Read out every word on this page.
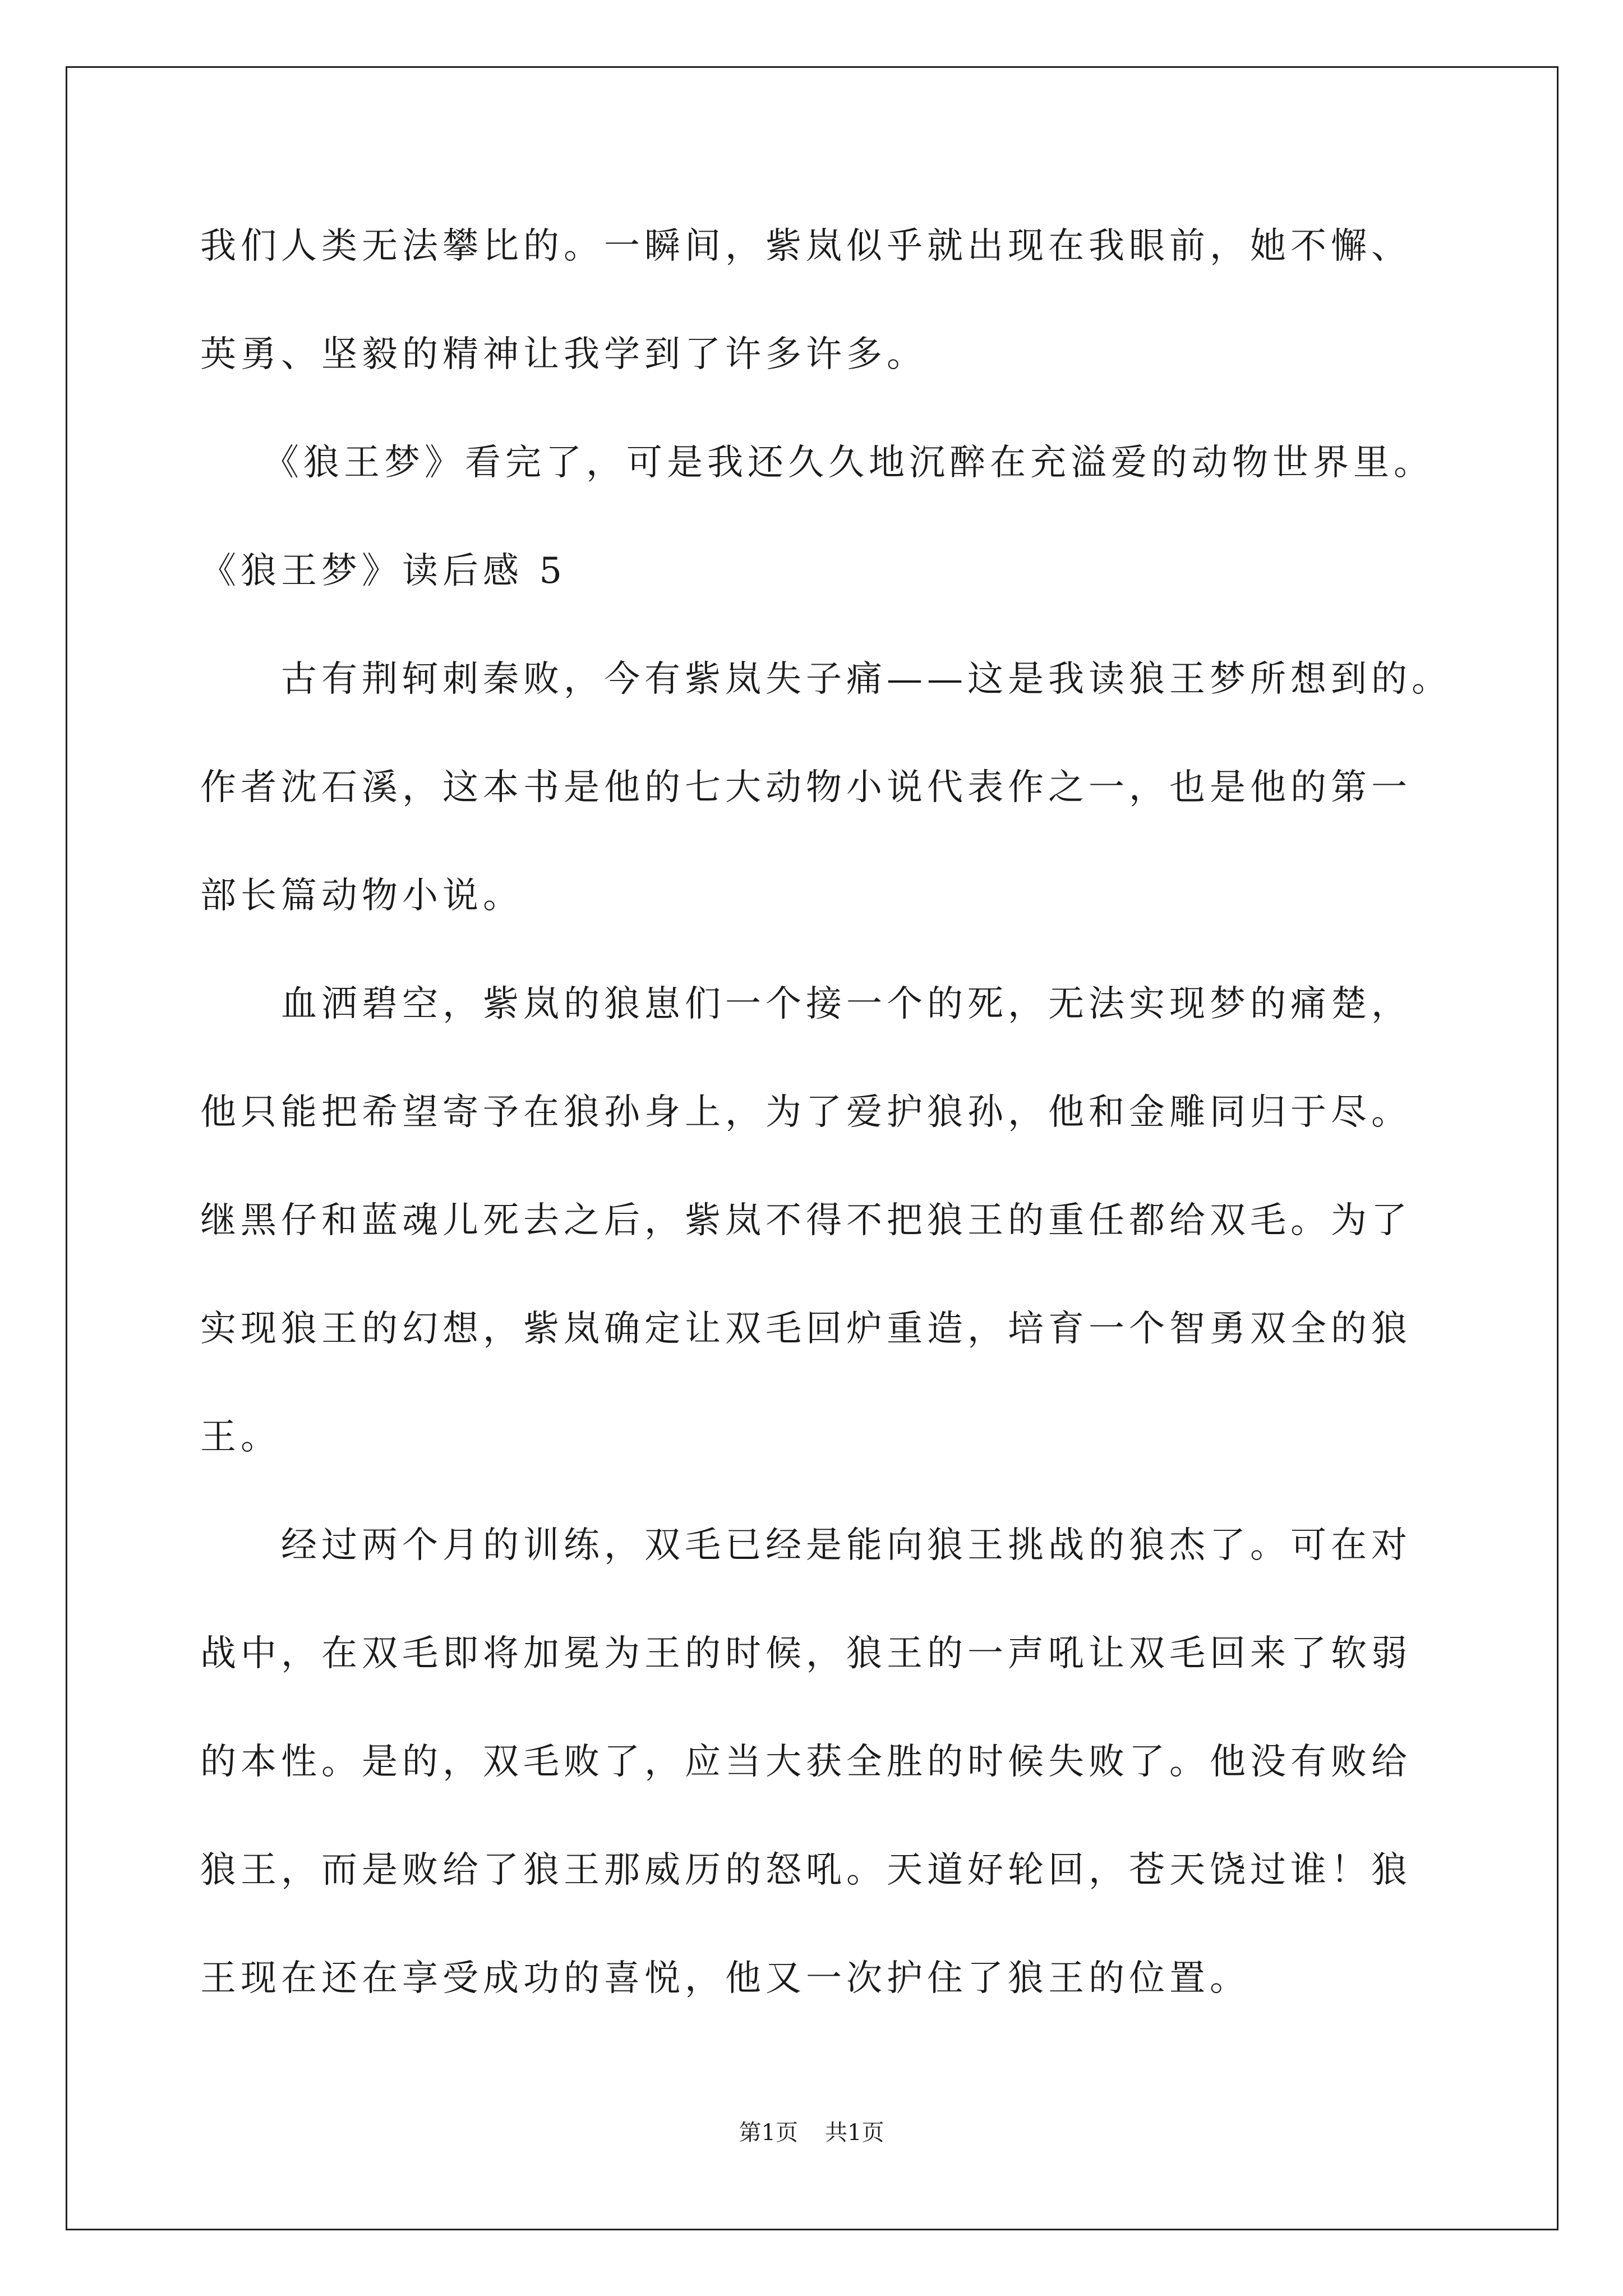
我们人类无法攀比的。一瞬间，紫岚似乎就出现在我眼前，她不懈、
英勇、坚毅的精神让我学到了许多许多。
　　《狼王梦》看完了，可是我还久久地沉醉在充溢爱的动物世界里。
《狼王梦》读后感 5
　　古有荆轲刺秦败，今有紫岚失子痛——这是我读狼王梦所想到的。
作者沈石溪，这本书是他的七大动物小说代表作之一，也是他的第一
部长篇动物小说。
　　血洒碧空，紫岚的狼崽们一个接一个的死，无法实现梦的痛楚，
他只能把希望寄予在狼孙身上，为了爱护狼孙，他和金雕同归于尽。
继黑仔和蓝魂儿死去之后，紫岚不得不把狼王的重任都给双毛。为了
实现狼王的幻想，紫岚确定让双毛回炉重造，培育一个智勇双全的狼
王。
　　经过两个月的训练，双毛已经是能向狼王挑战的狼杰了。可在对
战中，在双毛即将加冕为王的时候，狼王的一声吼让双毛回来了软弱
的本性。是的，双毛败了，应当大获全胜的时候失败了。他没有败给
狼王，而是败给了狼王那威历的怒吼。天道好轮回，苍天饶过谁！狼
王现在还在享受成功的喜悦，他又一次护住了狼王的位置。
第1页 共1页
